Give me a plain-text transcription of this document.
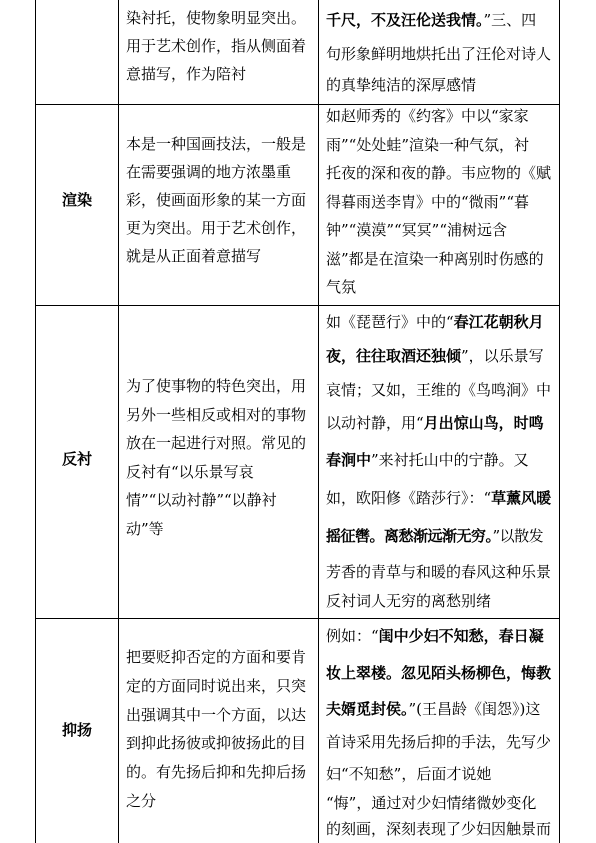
染衬托，使物象明显突出。
用于艺术创作，指从侧面着
意描写，作为陪衬
千尺，不及汪伦送我情。”三、四
句形象鲜明地烘托出了汪伦对诗人
的真挚纯洁的深厚感情
渲染
本是一种国画技法，一般是
在需要强调的地方浓墨重
彩，使画面形象的某一方面
更为突出。用于艺术创作，
就是从正面着意描写
如赵师秀的《约客》中以“家家
雨”“处处蛙”渲染一种气氛，衬
托夜的深和夜的静。韦应物的《赋
得暮雨送李胄》中的“微雨”“暮
钟”“漠漠”“冥冥”“浦树远含
滋”都是在渲染一种离别时伤感的
气氛
反衬
为了使事物的特色突出，用
另外一些相反或相对的事物
放在一起进行对照。常见的
反衬有“以乐景写哀
情”“以动衬静”“以静衬
动”等
如《琵琶行》中的“春江花朝秋月
夜，往往取酒还独倾”，以乐景写
哀情；又如，王维的《鸟鸣涧》中
以动衬静，用“月出惊山鸟，时鸣
春涧中”来衬托山中的宁静。又
如，欧阳修《踏莎行》：“草薰风暖
摇征辔。离愁渐远渐无穷。”以散发
芳香的青草与和暖的春风这种乐景
反衬词人无穷的离愁别绪
抑扬
把要贬抑否定的方面和要肯
定的方面同时说出来，只突
出强调其中一个方面，以达
到抑此扬彼或抑彼扬此的目
的。有先扬后抑和先抑后扬
之分
例如：“闺中少妇不知愁，春日凝
妆上翠楼。忽见陌头杨柳色，悔教
夫婿觅封侯。”(王昌龄《闺怨》)这
首诗采用先扬后抑的手法，先写少
妇“不知愁”，后面才说她
“悔”，通过对少妇情绪微妙变化
的刻画，深刻表现了少妇因触景而
